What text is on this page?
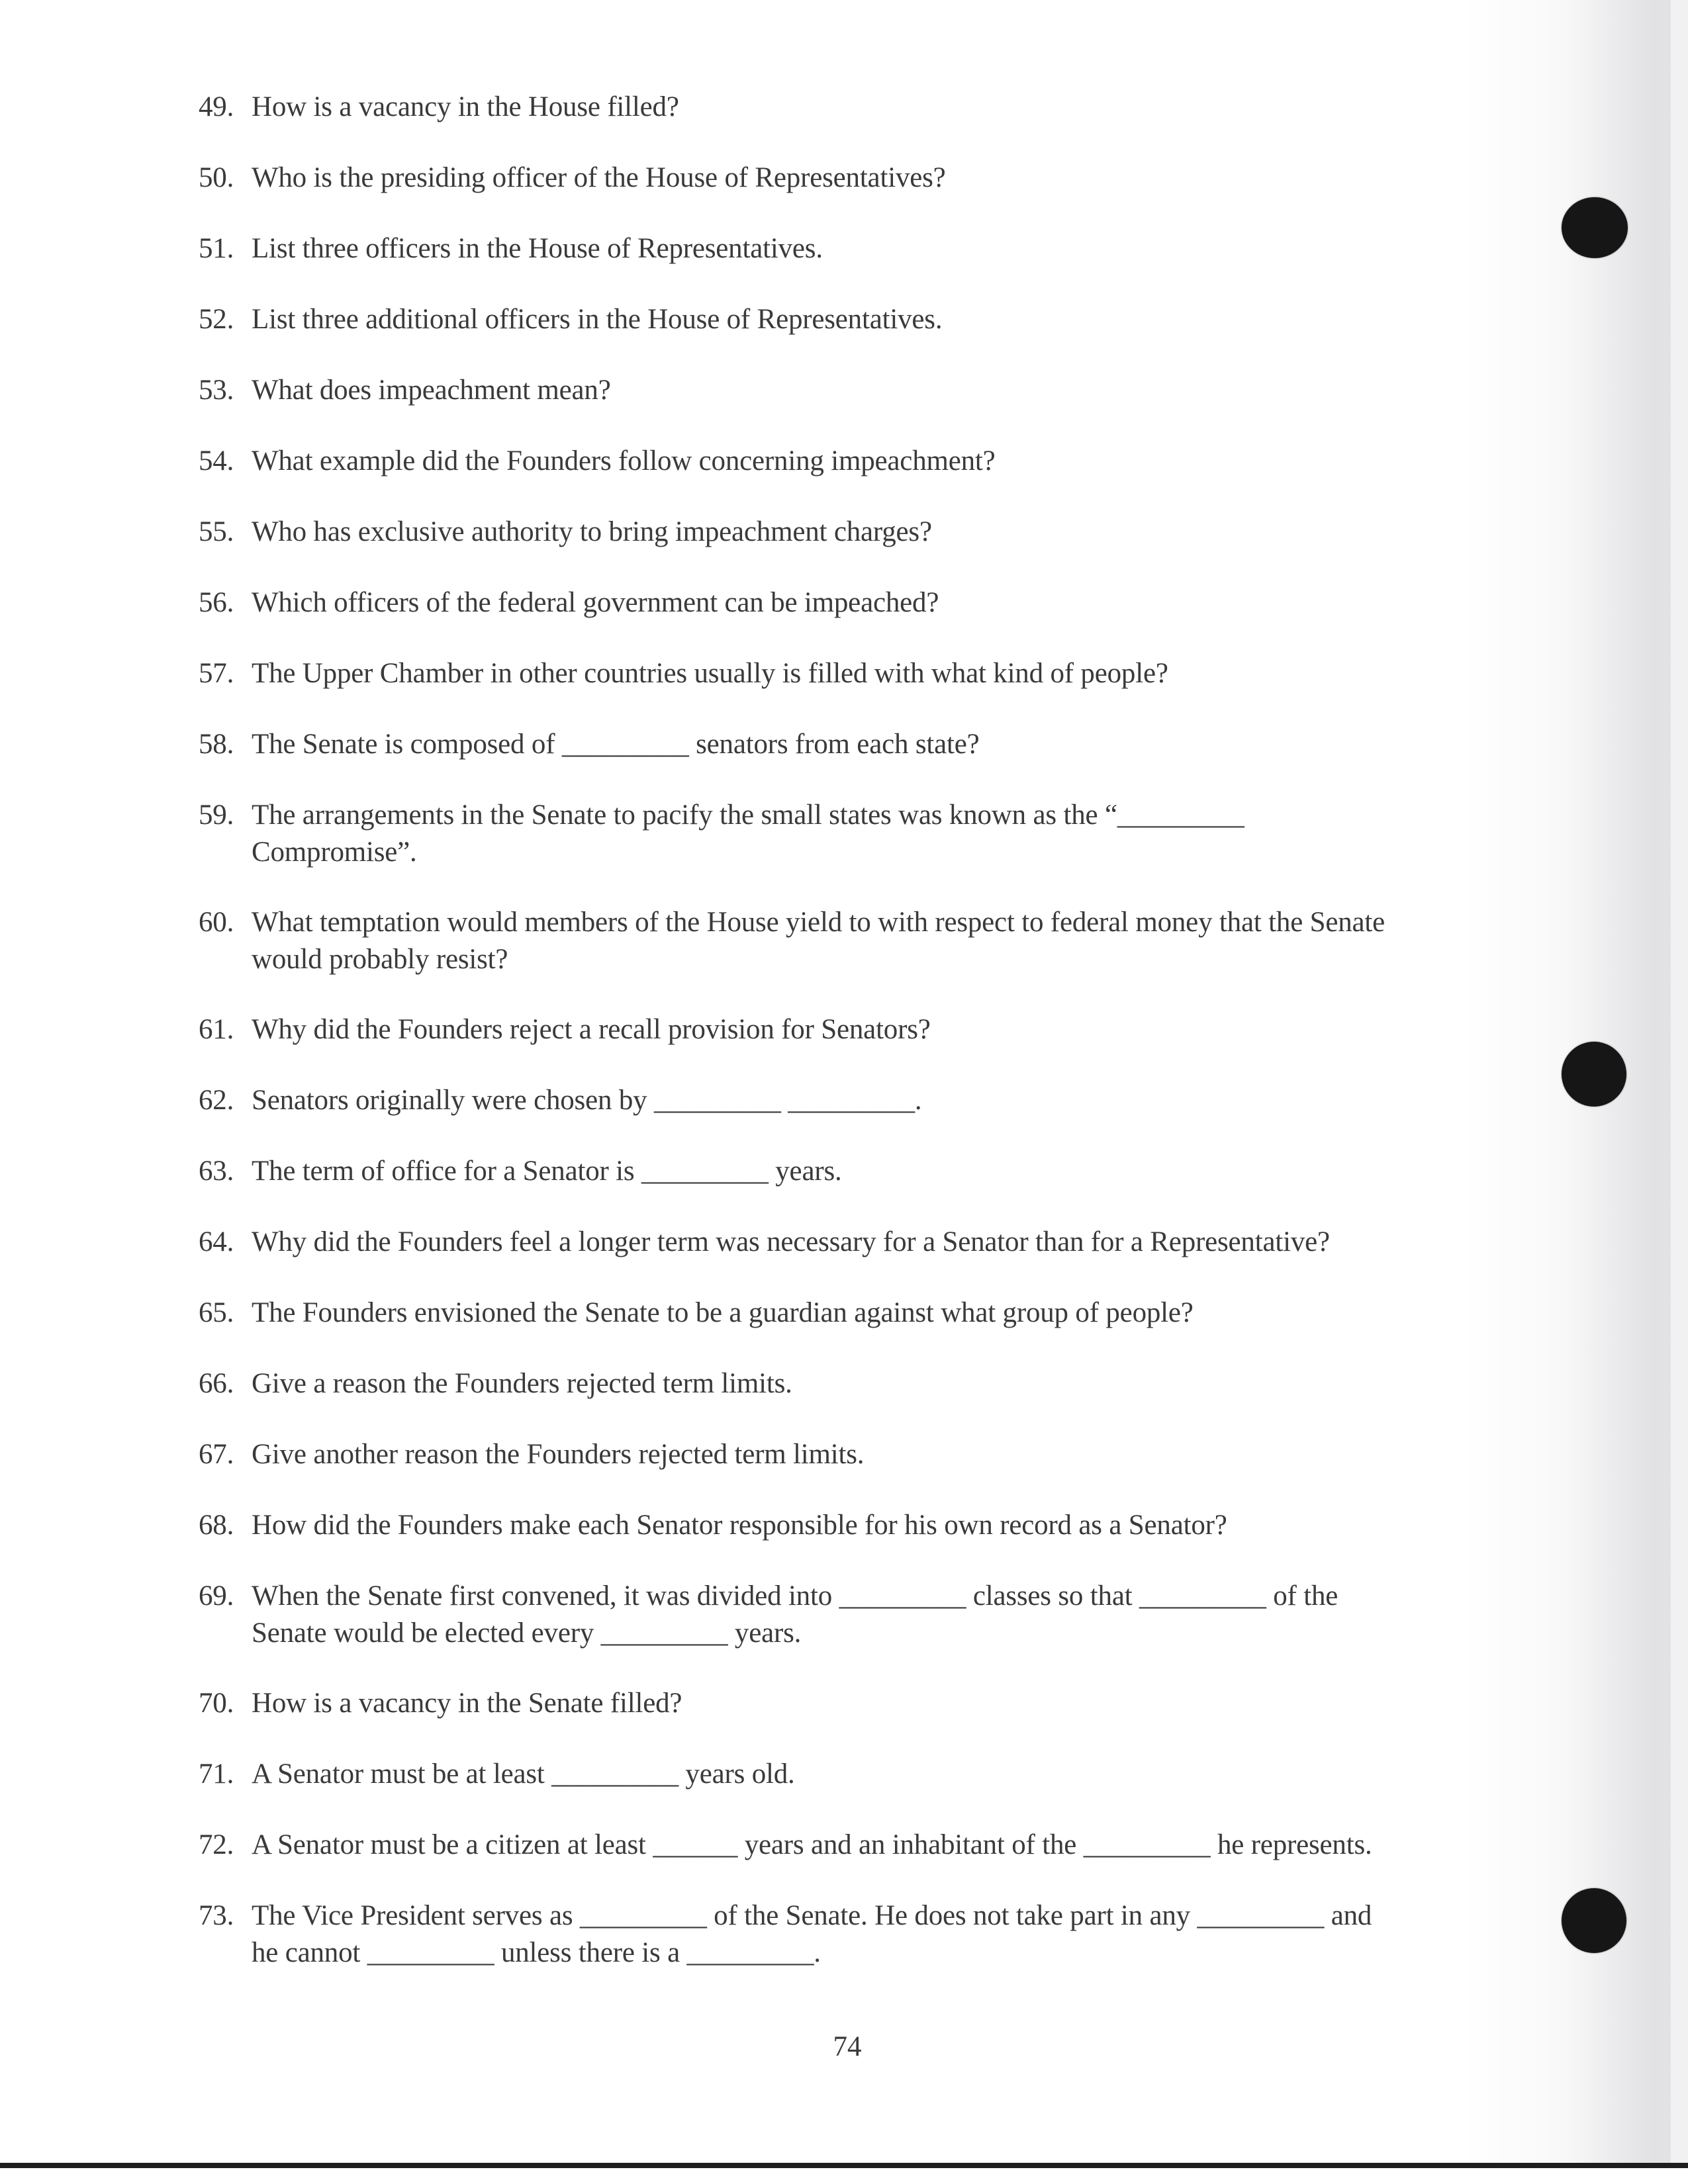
49. How is a vacancy in the House filled?
50. Who is the presiding officer of the House of Representatives?
51. List three officers in the House of Representatives.
52. List three additional officers in the House of Representatives.
53. What does impeachment mean?
54. What example did the Founders follow concerning impeachment?
55. Who has exclusive authority to bring impeachment charges?
56. Which officers of the federal government can be impeached?
57. The Upper Chamber in other countries usually is filled with what kind of people?
58. The Senate is composed of _________ senators from each state?
59. The arrangements in the Senate to pacify the small states was known as the “_________
Compromise”.
60. What temptation would members of the House yield to with respect to federal money that the Senate
would probably resist?
61. Why did the Founders reject a recall provision for Senators?
62. Senators originally were chosen by _________ _________.
63. The term of office for a Senator is _________ years.
64. Why did the Founders feel a longer term was necessary for a Senator than for a Representative?
65. The Founders envisioned the Senate to be a guardian against what group of people?
66. Give a reason the Founders rejected term limits.
67. Give another reason the Founders rejected term limits.
68. How did the Founders make each Senator responsible for his own record as a Senator?
69. When the Senate first convened, it was divided into _________ classes so that _________ of the
Senate would be elected every _________ years.
70. How is a vacancy in the Senate filled?
71. A Senator must be at least _________ years old.
72. A Senator must be a citizen at least ______ years and an inhabitant of the _________ he represents.
73. The Vice President serves as _________ of the Senate. He does not take part in any _________ and
he cannot _________ unless there is a _________.
74
